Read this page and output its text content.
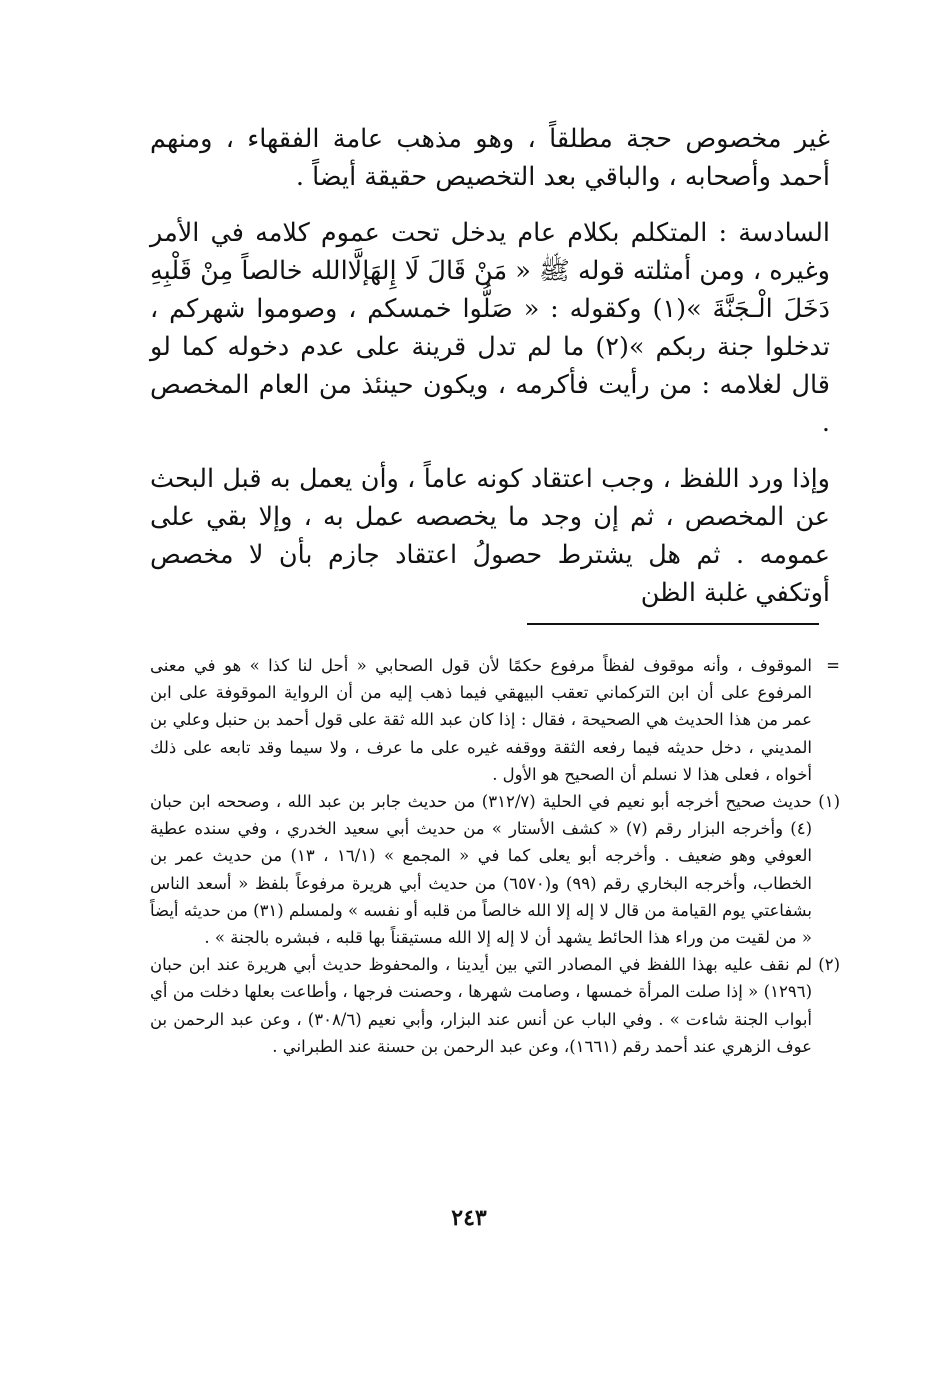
غير مخصوص حجة مطلقاً ، وهو مذهب عامة الفقهاء ، ومنهم أحمد وأصحابه ، والباقي بعد التخصيص حقيقة أيضاً .

السادسة : المتكلم بكلام عام يدخل تحت عموم كلامه في الأمر وغيره ، ومن أمثلته قوله ﷺ « مَنْ قَالَ لَا إِلهَإلَّاالله خالصاً مِنْ قَلْبِهِ دَخَلَ الْـجَنَّةَ »(١) وكقوله : « صَلُّوا خمسكم ، وصوموا شهركم ، تدخلوا جنة ربكم »(٢) ما لم تدل قرينة على عدم دخوله كما لو قال لغلامه : من رأيت فأكرمه ، ويكون حينئذ من العام المخصص .

وإذا ورد اللفظ ، وجب اعتقاد كونه عاماً ، وأن يعمل به قبل البحث عن المخصص ، ثم إن وجد ما يخصصه عمل به ، وإلا بقي على عمومه . ثم هل يشترط حصولُ اعتقاد جازم بأن لا مخصص أوتكفي غلبة الظن

=
الموقوف ، وأنه موقوف لفظاً مرفوع حكمًا لأن قول الصحابي « أحل لنا كذا » هو في معنى المرفوع على أن ابن التركماني تعقب البيهقي فيما ذهب إليه من أن الرواية الموقوفة على ابن عمر من هذا الحديث هي الصحيحة ، فقال : إذا كان عبد الله ثقة على قول أحمد بن حنبل وعلي بن المديني ، دخل حديثه فيما رفعه الثقة ووقفه غيره على ما عرف ، ولا سيما وقد تابعه على ذلك أخواه ، فعلى هذا لا نسلم أن الصحيح هو الأول .
(١)
حديث صحيح أخرجه أبو نعيم في الحلية (٣١٢/٧) من حديث جابر بن عبد الله ، وصححه ابن حبان (٤) وأخرجه البزار رقم (٧) « كشف الأستار » من حديث أبي سعيد الخدري ، وفي سنده عطية العوفي وهو ضعيف . وأخرجه أبو يعلى كما في « المجمع » (١٦/١ ، ١٣) من حديث عمر بن الخطاب، وأخرجه البخاري رقم (٩٩) و(٦٥٧٠) من حديث أبي هريرة مرفوعاً بلفظ « أسعد الناس بشفاعتي يوم القيامة من قال لا إله إلا الله خالصاً من قلبه أو نفسه » ولمسلم (٣١) من حديثه أيضاً « من لقيت من وراء هذا الحائط يشهد أن لا إله إلا الله مستيقناً بها قلبه ، فبشره بالجنة » .
(٢)
لم نقف عليه بهذا اللفظ في المصادر التي بين أيدينا ، والمحفوظ حديث أبي هريرة عند ابن حبان (١٢٩٦) « إذا صلت المرأة خمسها ، وصامت شهرها ، وحصنت فرجها ، وأطاعت بعلها دخلت من أي أبواب الجنة شاءت » . وفي الباب عن أنس عند البزار، وأبي نعيم (٣٠٨/٦) ، وعن عبد الرحمن بن عوف الزهري عند أحمد رقم (١٦٦١)، وعن عبد الرحمن بن حسنة عند الطبراني .
٢٤٣
